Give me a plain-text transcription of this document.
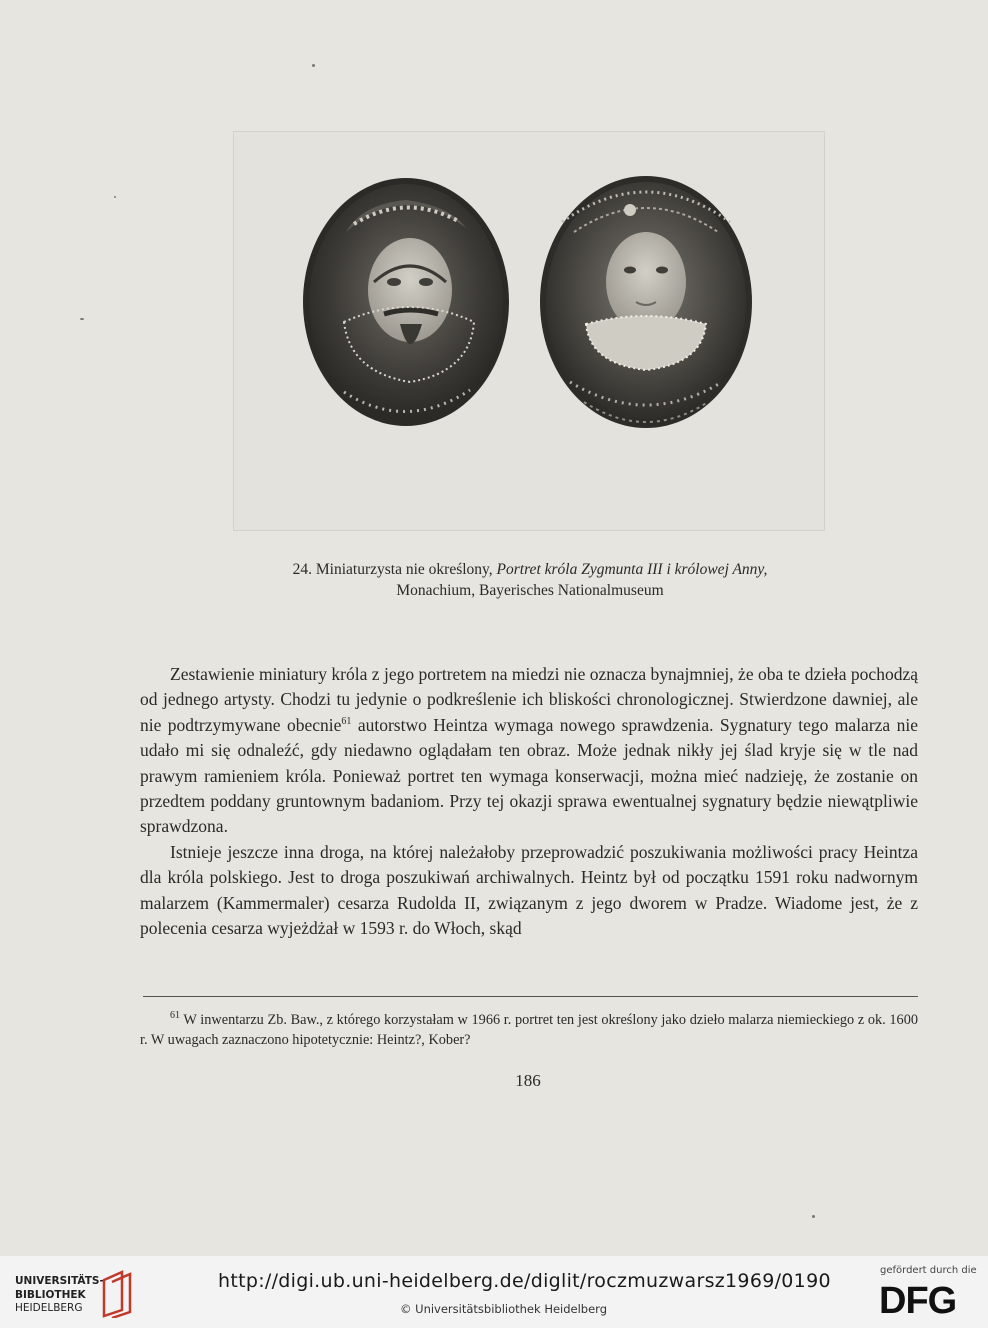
24. Miniaturzysta nie określony, Portret króla Zygmunta III i królowej Anny,
Monachium, Bayerisches Nationalmuseum

Zestawienie miniatury króla z jego portretem na miedzi nie oznacza bynajmniej, że oba te dzieła pochodzą od jednego artysty. Chodzi tu jedynie o podkreślenie ich bliskości chronologicznej. Stwierdzone dawniej, ale nie podtrzymywane obecnie$^{61}$ autorstwo Heintza wymaga nowego sprawdzenia. Sygnatury tego malarza nie udało mi się odnaleźć, gdy niedawno oglądałam ten obraz. Może jednak nikły jej ślad kryje się w tle nad prawym ramieniem króla. Ponieważ portret ten wymaga konserwacji, można mieć nadzieję, że zostanie on przedtem poddany gruntownym badaniom. Przy tej okazji sprawa ewentualnej sygnatury będzie niewątpliwie sprawdzona.

Istnieje jeszcze inna droga, na której należałoby przeprowadzić poszukiwania możliwości pracy Heintza dla króla polskiego. Jest to droga poszukiwań archiwalnych. Heintz był od początku 1591 roku nadwornym malarzem (Kammermaler) cesarza Rudolda II, związanym z jego dworem w Pradze. Wiadome jest, że z polecenia cesarza wyjeżdżał w 1593 r. do Włoch, skąd

$^{61}$ W inwentarzu Zb. Baw., z którego korzystałam w 1966 r. portret ten jest określony jako dzieło malarza niemieckiego z ok. 1600 r. W uwagach zaznaczono hipotetycznie: Heintz?, Kober?

186
UNIVERSITÄTS-
BIBLIOTHEK
HEIDELBERG
http://digi.ub.uni-heidelberg.de/diglit/roczmuzwarsz1969/0190
© Universitätsbibliothek Heidelberg
gefördert durch die
DFG
